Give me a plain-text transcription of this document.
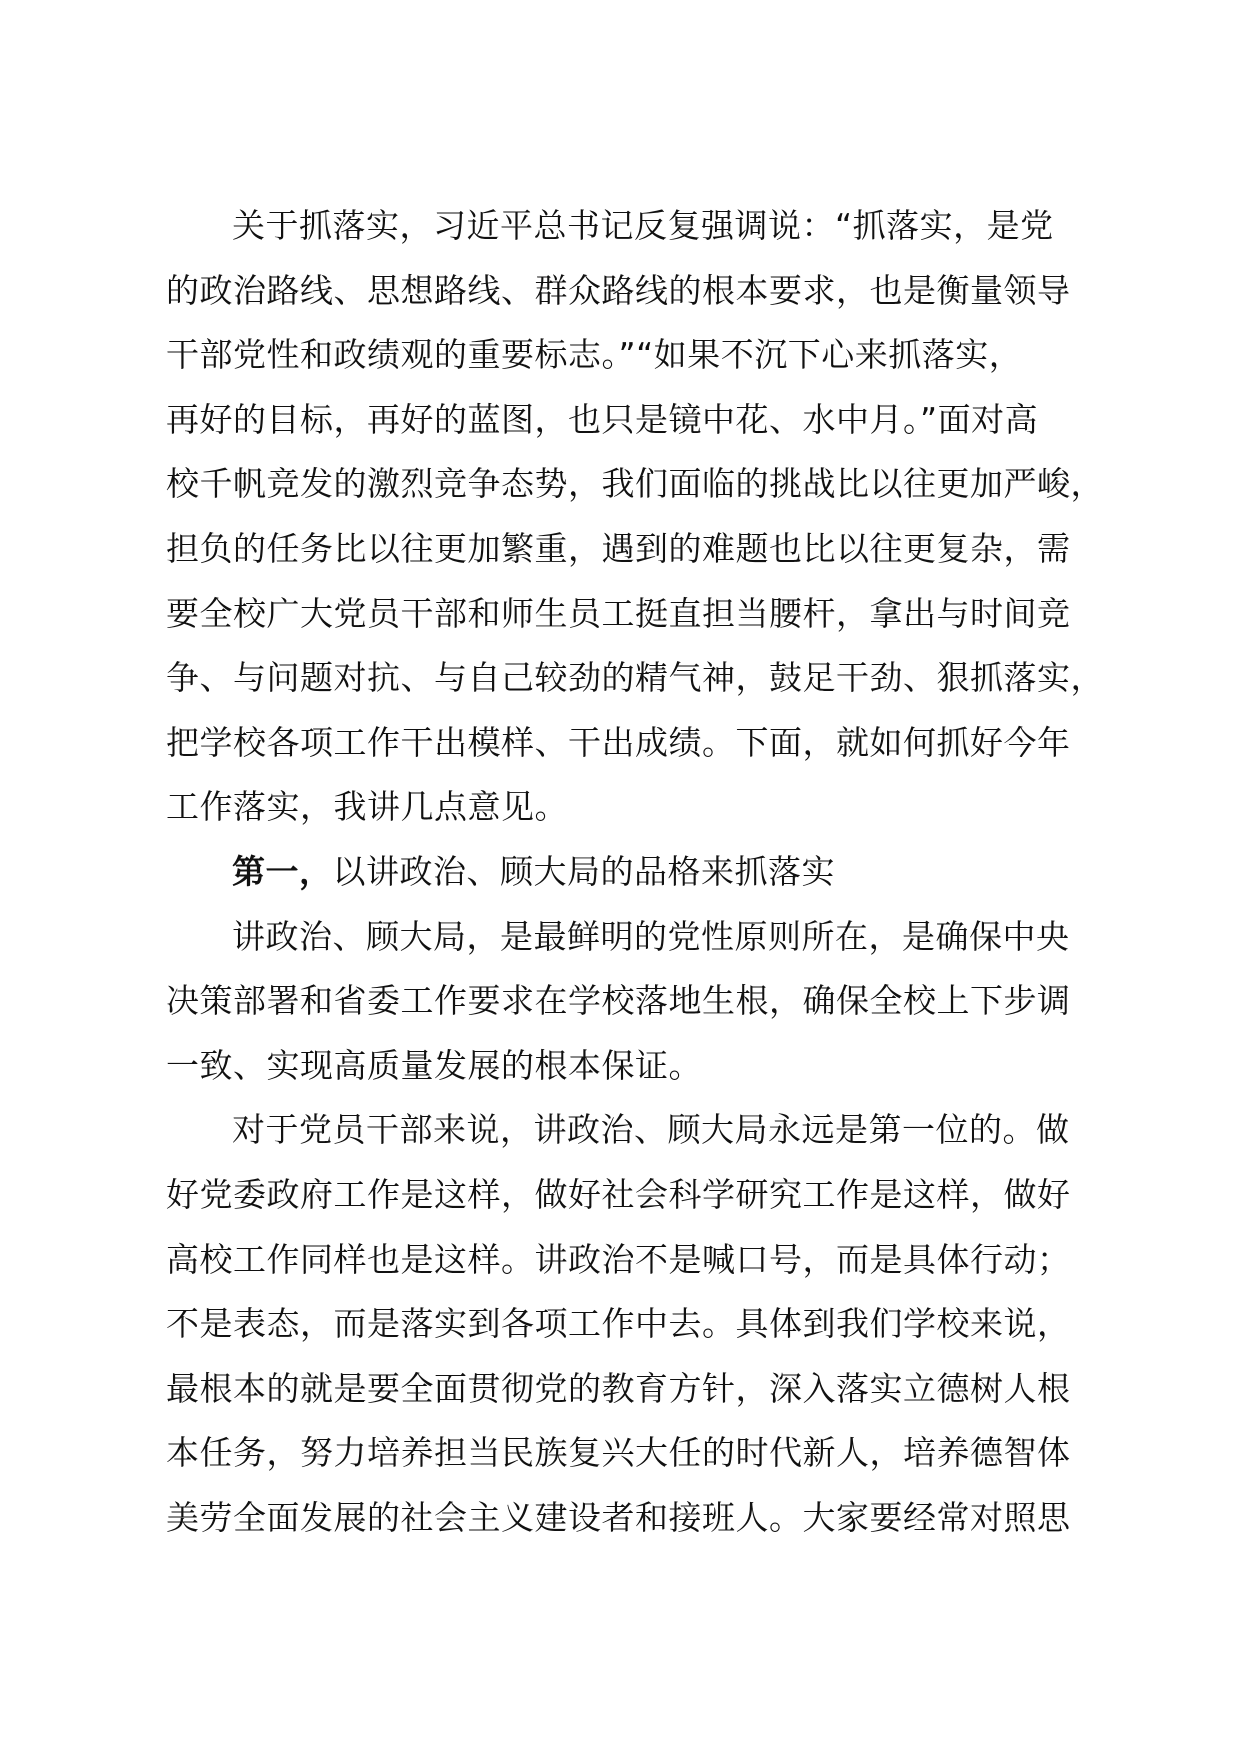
关于抓落实，习近平总书记反复强调说：“抓落实，是党
的政治路线、思想路线、群众路线的根本要求，也是衡量领导
干部党性和政绩观的重要标志。”“如果不沉下心来抓落实，
再好的目标，再好的蓝图，也只是镜中花、水中月。”面对高
校千帆竞发的激烈竞争态势，我们面临的挑战比以往更加严峻，
担负的任务比以往更加繁重，遇到的难题也比以往更复杂，需
要全校广大党员干部和师生员工挺直担当腰杆，拿出与时间竞
争、与问题对抗、与自己较劲的精气神，鼓足干劲、狠抓落实，
把学校各项工作干出模样、干出成绩。下面，就如何抓好今年
工作落实，我讲几点意见。
第一，以讲政治、顾大局的品格来抓落实
讲政治、顾大局，是最鲜明的党性原则所在，是确保中央
决策部署和省委工作要求在学校落地生根，确保全校上下步调
一致、实现高质量发展的根本保证。
对于党员干部来说，讲政治、顾大局永远是第一位的。做
好党委政府工作是这样，做好社会科学研究工作是这样，做好
高校工作同样也是这样。讲政治不是喊口号，而是具体行动；
不是表态，而是落实到各项工作中去。具体到我们学校来说，
最根本的就是要全面贯彻党的教育方针，深入落实立德树人根
本任务，努力培养担当民族复兴大任的时代新人，培养德智体
美劳全面发展的社会主义建设者和接班人。大家要经常对照思
